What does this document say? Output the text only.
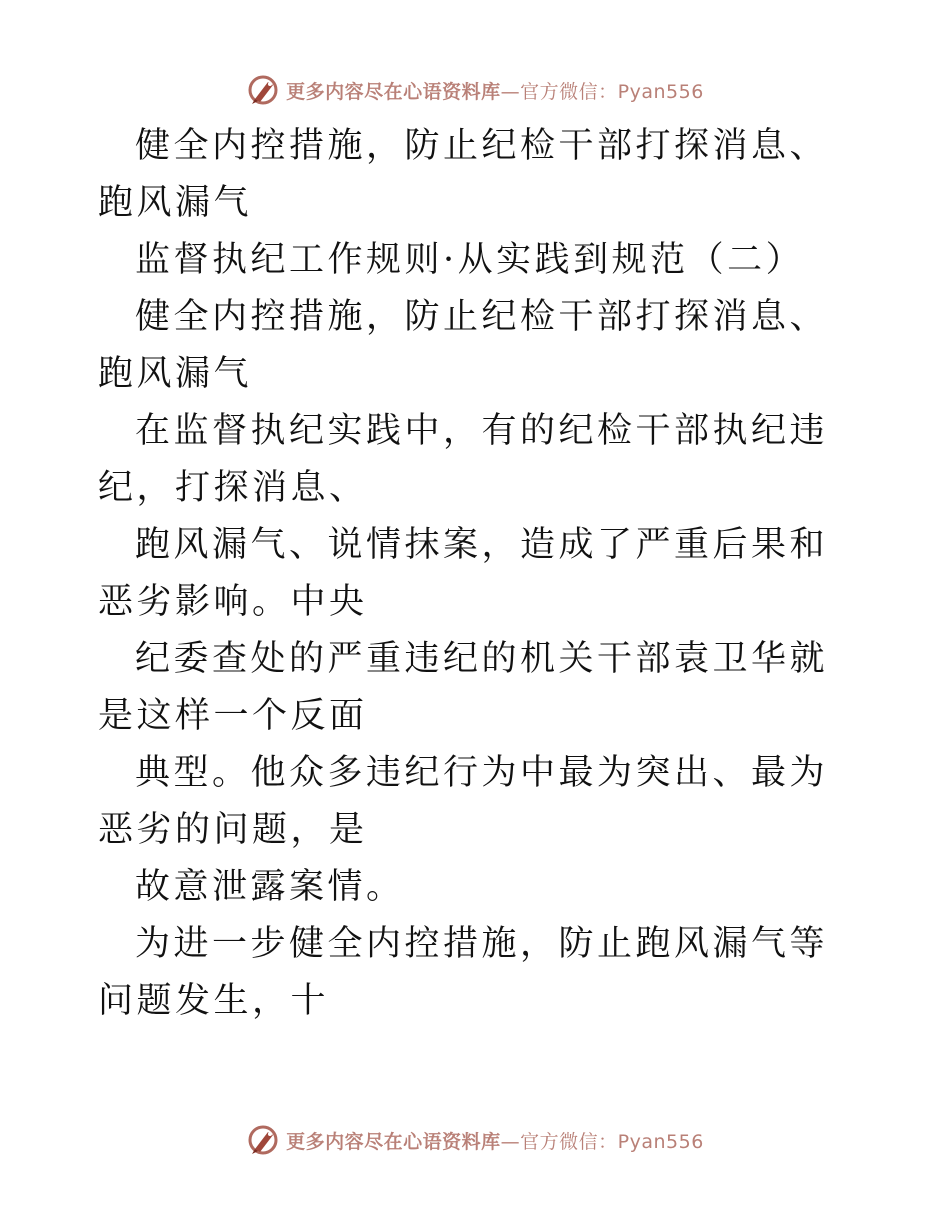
更多内容尽在心语资料库—官方微信：Pyan556

健全内控措施，防止纪检干部打探消息、跑风漏气

监督执纪工作规则·从实践到规范（二）

健全内控措施，防止纪检干部打探消息、跑风漏气

在监督执纪实践中，有的纪检干部执纪违纪，打探消息、

跑风漏气、说情抹案，造成了严重后果和恶劣影响。中央

纪委查处的严重违纪的机关干部袁卫华就是这样一个反面

典型。他众多违纪行为中最为突出、最为恶劣的问题，是

故意泄露案情。

为进一步健全内控措施，防止跑风漏气等问题发生，十

更多内容尽在心语资料库—官方微信：Pyan556
